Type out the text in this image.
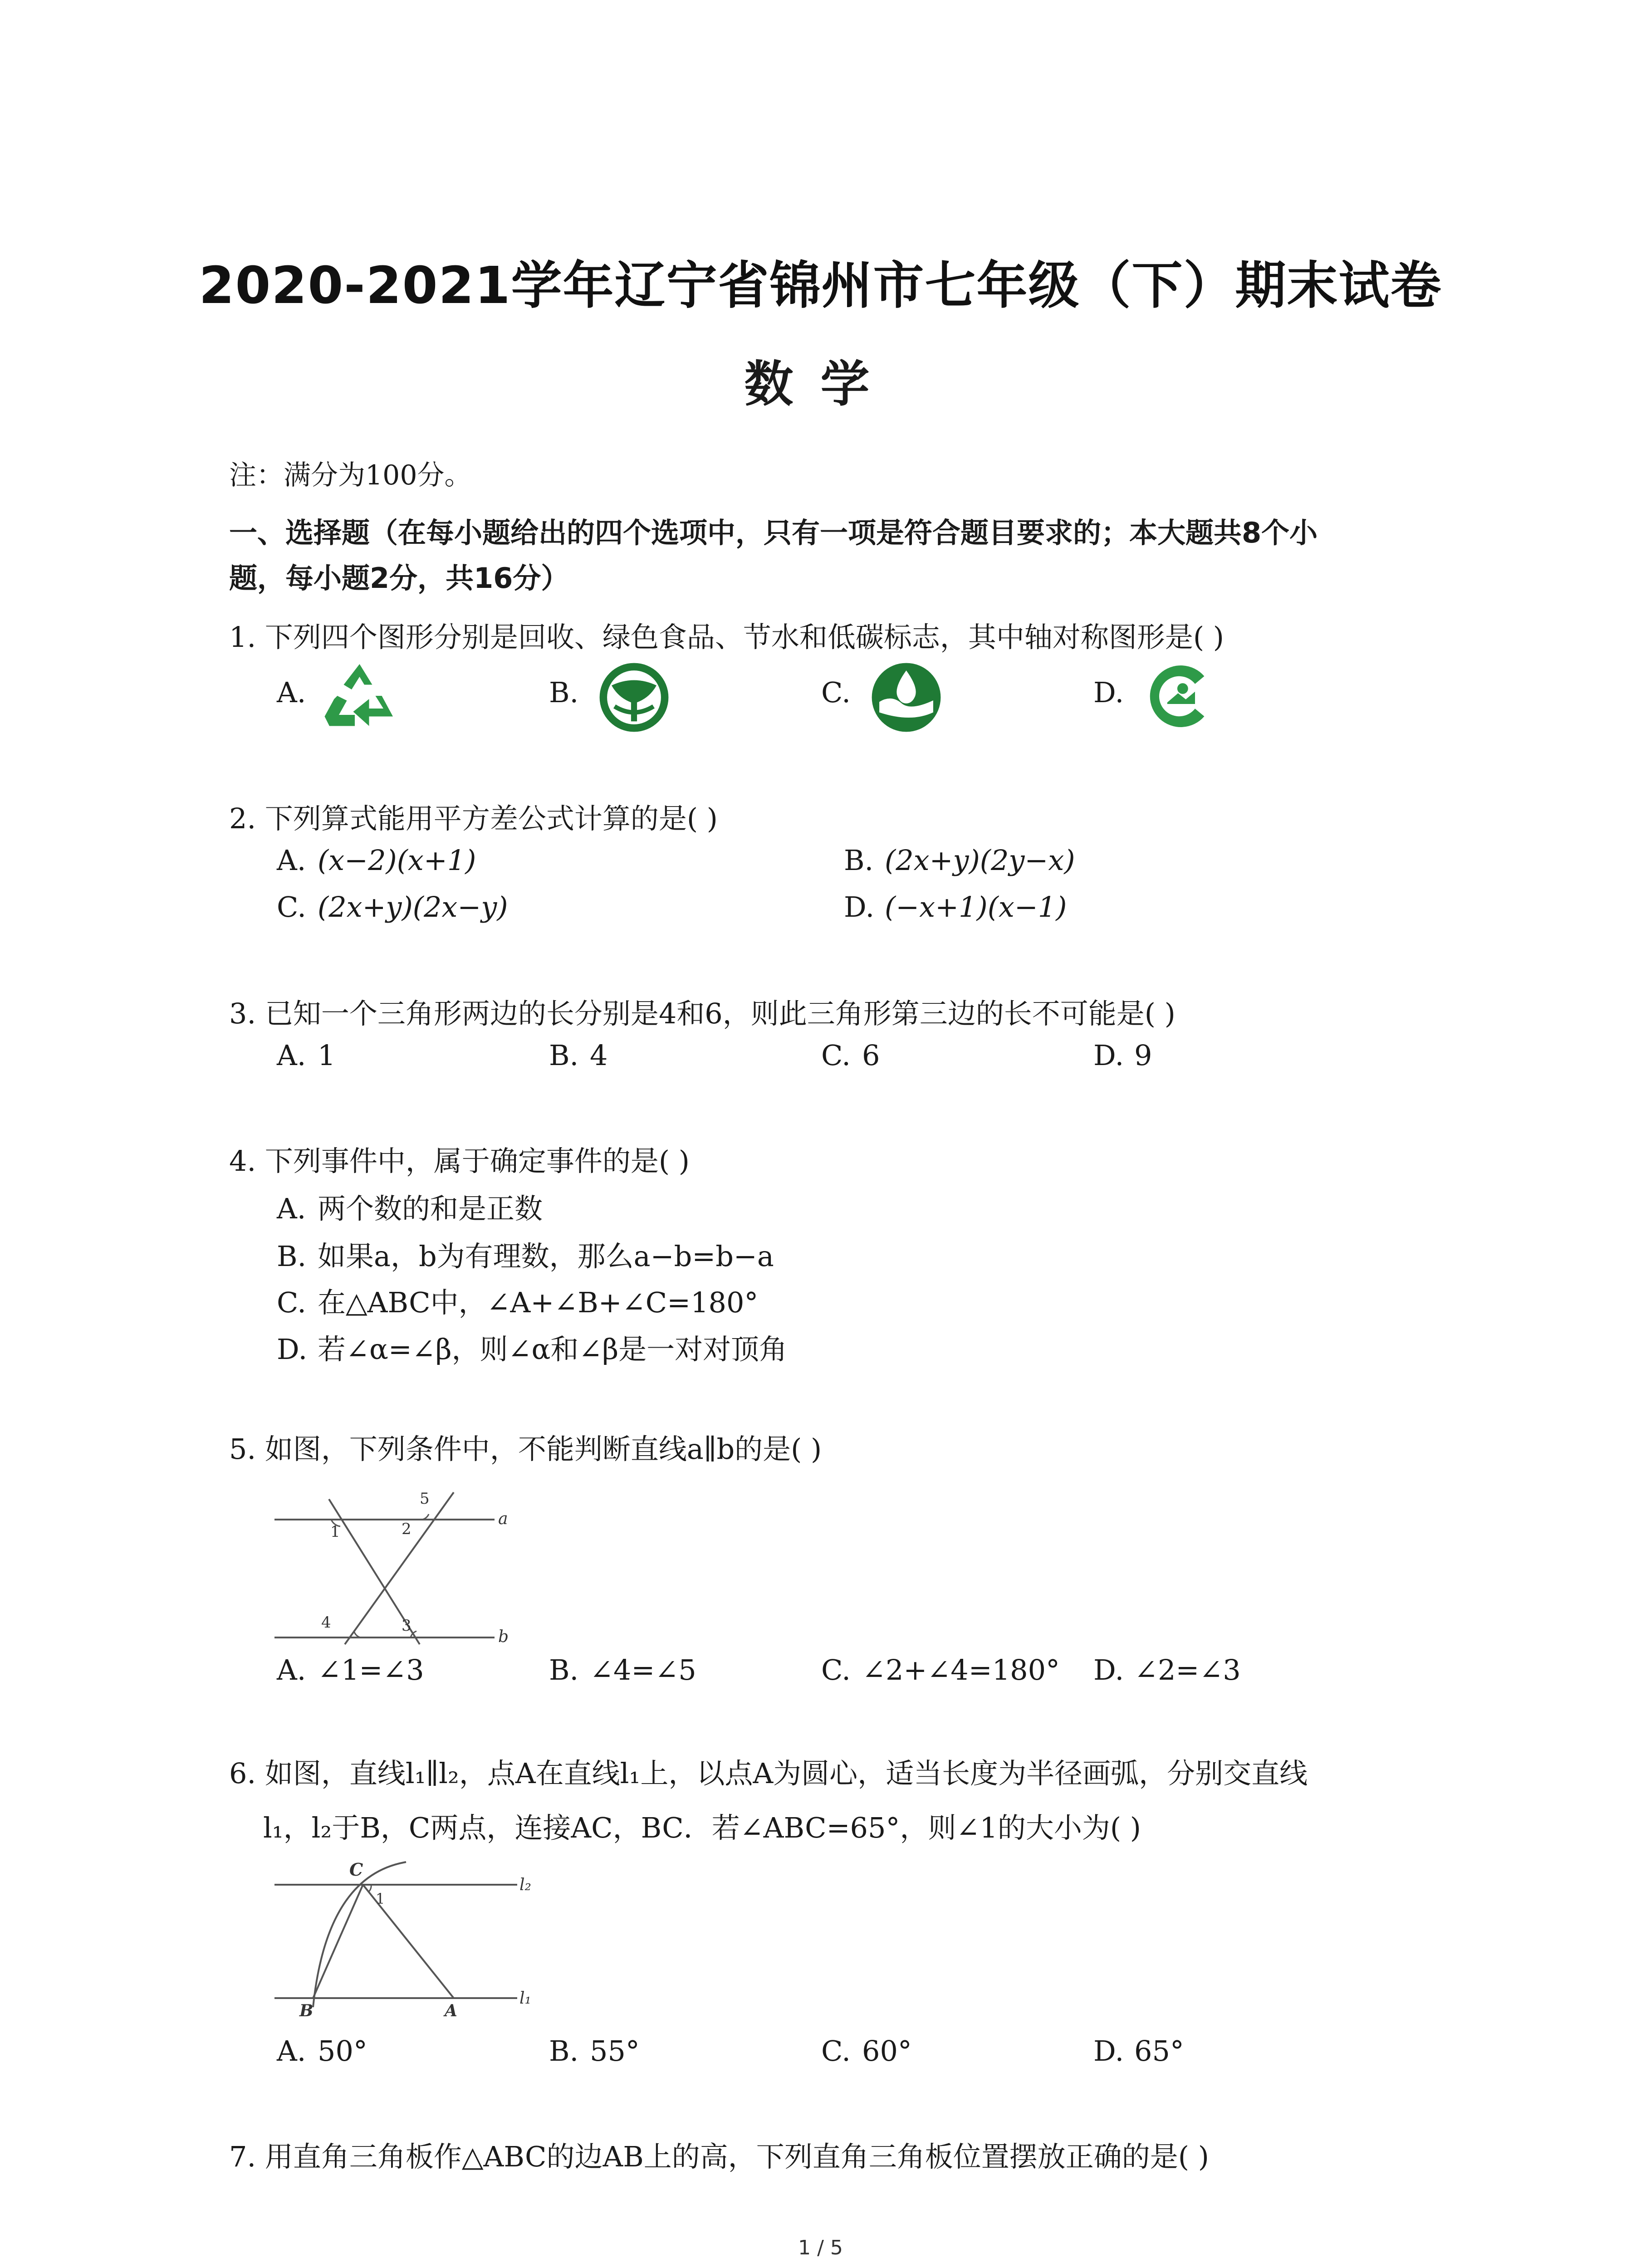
2020-2021学年辽宁省锦州市七年级（下）期末试卷
数学
注：满分为100分。
一、选择题（在每小题给出的四个选项中，只有一项是符合题目要求的；本大题共8个小
题，每小题2分，共16分）
1. 下列四个图形分别是回收、绿色食品、节水和低碳标志，其中轴对称图形是( )
A.	B.	C.	D.
2. 下列算式能用平方差公式计算的是( )
A. (x−2)(x+1)	B. (2x+y)(2y−x)
C. (2x+y)(2x−y)	D. (−x+1)(x−1)
3. 已知一个三角形两边的长分别是4和6，则此三角形第三边的长不可能是( )
A. 1	B. 4	C. 6	D. 9
4. 下列事件中，属于确定事件的是( )
A. 两个数的和是正数
B. 如果a，b为有理数，那么a−b=b−a
C. 在△ABC中，∠A+∠B+∠C=180°
D. 若∠α=∠β，则∠α和∠β是一对对顶角
5. 如图，下列条件中，不能判断直线a∥b的是( )
1	2
3
4
5
a
b
A. ∠1=∠3	B. ∠4=∠5	C. ∠2+∠4=180° D. ∠2=∠3
6. 如图，直线l₁∥l₂，点A在直线l₁上，以点A为圆心，适当长度为半径画弧，分别交直线
l₁，l₂于B，C两点，连接AC，BC．若∠ABC=65°，则∠1的大小为( )
C
1
B	A
l₂
l₁
A. 50°	B. 55°	C. 60°	D. 65°
7. 用直角三角板作△ABC的边AB上的高，下列直角三角板位置摆放正确的是( )
1 / 5
